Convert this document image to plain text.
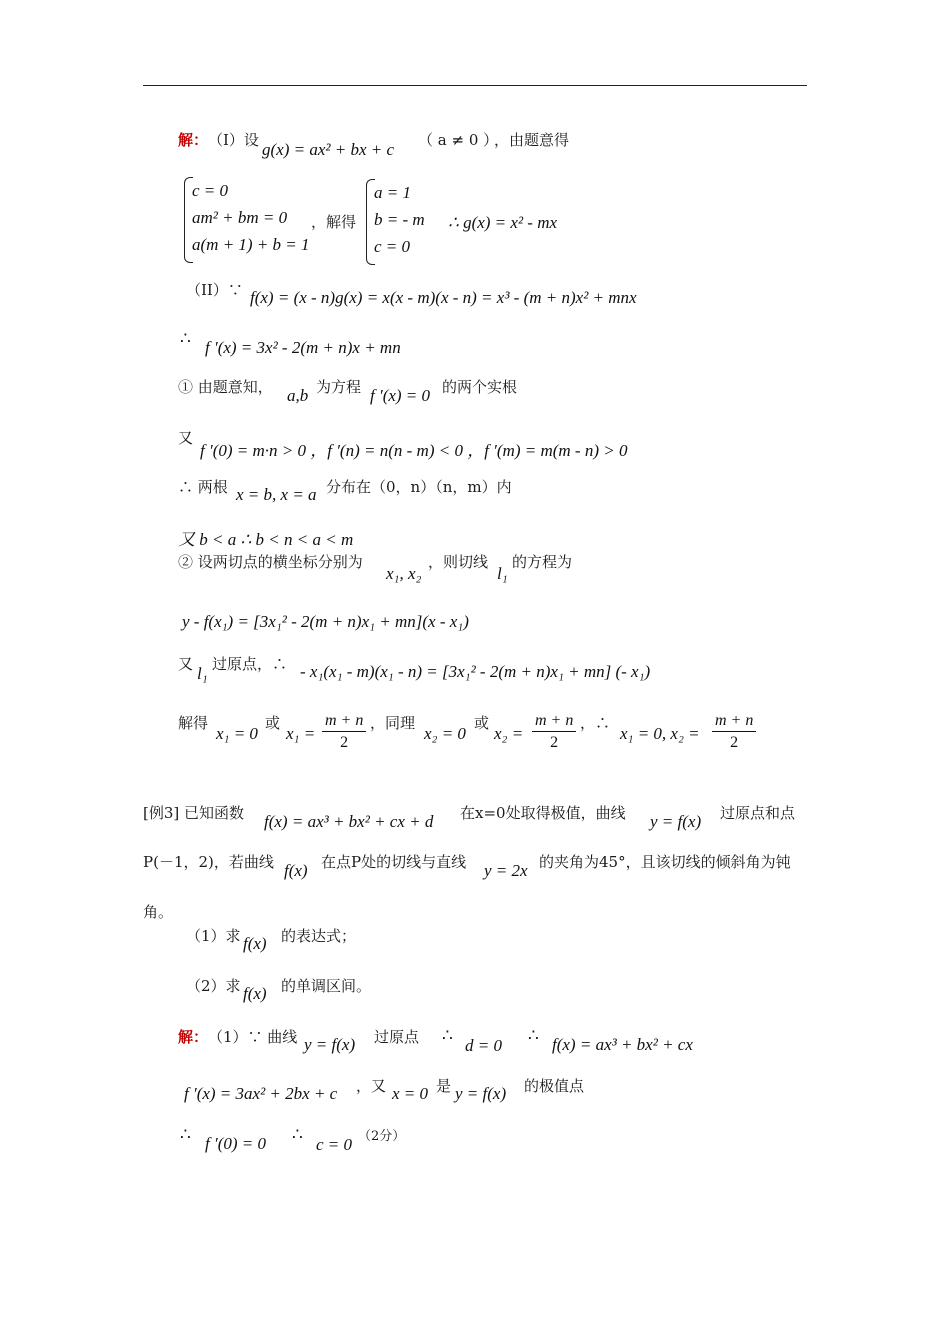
解： （I）设 g(x) = ax² + bx + c （ a ≠ 0 ）
，由题意得
c = 0
am² + bm = 0
a(m + 1) + b = 1
，解得
a = 1
b = - m
c = 0
∴ g(x) = x² - mx
（II）∵ f(x) = (x - n)g(x) = x(x - m)(x - n) = x³ - (m + n)x² + mnx
∴ f ′(x) = 3x² - 2(m + n)x + mn
① 由题意知， a,b 为方程 f ′(x) = 0 的两个实根
又
f ′(0) = m·n > 0 ，f ′(n) = n(n - m) < 0 ，f ′(m) = m(m - n) > 0
∴ 两根 x = b, x = a 分布在（0，n）（n，m）内
又 b < a ∴ b < n < a < m
② 设两切点的横坐标分别为
x₁, x₂
，则切线
l₁
的方程为
y - f(x₁) = [3x₁² - 2(m + n)x₁ + mn](x - x₁)
又 l₁ 过原点，∴ - x₁(x₁ - m)(x₁ - n) = [3x₁² - 2(m + n)x₁ + mn] (- x₁)
解得
x₁ = 0
或
$x_1 = \frac{m + n}{2}$ ，同理
x₂ = 0
或
$x_2 = \frac{m + n}{2}$ ，∴
x₁ = 0, $x_2 = \frac{m + n}{2}$
[例3] 已知函数 f(x) = ax³ + bx² + cx + d 在x=0处取得极值，曲线 y = f(x) 过原点和点
P(－1，2)，若曲线 f(x) 在点P处的切线与直线 y = 2x 的夹角为45°，且该切线的倾斜角为钝
角。
（1）求 f(x) 的表达式；
（2）求 f(x) 的单调区间。
解： （1）∵ 曲线 y = f(x) 过原点 ∴ d = 0 ∴ f(x) = ax³ + bx² + cx
f ′(x) = 3ax² + 2bx + c ，又 x = 0 是 y = f(x) 的极值点
∴ f ′(0) = 0 ∴ c = 0 （2分）
